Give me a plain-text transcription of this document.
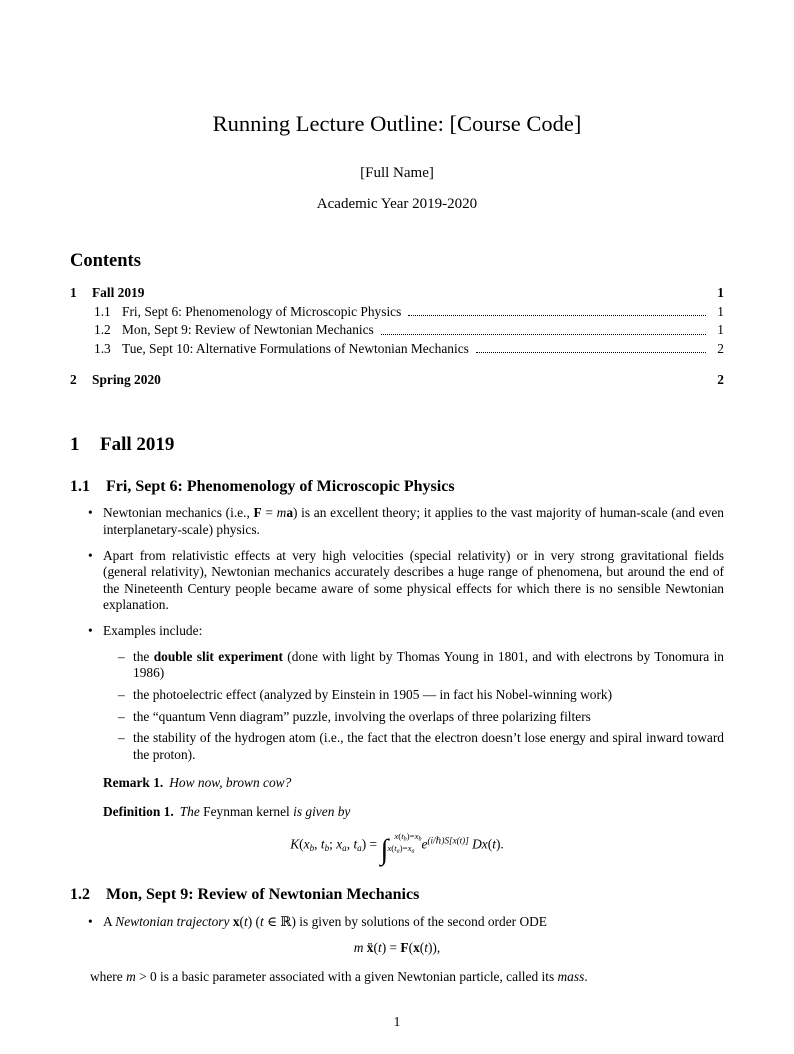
Running Lecture Outline: [Course Code]
[Full Name]
Academic Year 2019-2020
Contents
1	Fall 2019	1
1.1 Fri, Sept 6: Phenomenology of Microscopic Physics	1
1.2 Mon, Sept 9: Review of Newtonian Mechanics	1
1.3 Tue, Sept 10: Alternative Formulations of Newtonian Mechanics	2
2	Spring 2020	2
1 Fall 2019
1.1 Fri, Sept 6: Phenomenology of Microscopic Physics
• Newtonian mechanics (i.e., F = ma) is an excellent theory; it applies to the vast majority of human-scale (and even interplanetary-scale) physics.
• Apart from relativistic effects at very high velocities (special relativity) or in very strong gravitational fields (general relativity), Newtonian mechanics accurately describes a huge range of phenomena, but around the end of the Nineteenth Century people became aware of some physical effects for which there is no sensible Newtonian explanation.
• Examples include:
– the double slit experiment (done with light by Thomas Young in 1801, and with electrons by Tonomura in 1986)
– the photoelectric effect (analyzed by Einstein in 1905 — in fact his Nobel-winning work)
– the “quantum Venn diagram” puzzle, involving the overlaps of three polarizing filters
– the stability of the hydrogen atom (i.e., the fact that the electron doesn’t lose energy and spiral inward toward the proton).
Remark 1. How now, brown cow?
Definition 1. The Feynman kernel is given by
$K(x_b$, $t_b$; $x_a$, $t_a$) = ∫ $x(t_b)=x_b$
$x(t_a)=x_a$
$e^{(i/\hbar)S[x(t)]}$ Dx(t).
1.2 Mon, Sept 9: Review of Newtonian Mechanics
• A Newtonian trajectory x(t) (t ∈ ℝ) is given by solutions of the second order ODE
m ẍ(t) = F(x(t)),
where m > 0 is a basic parameter associated with a given Newtonian particle, called its mass.
1
